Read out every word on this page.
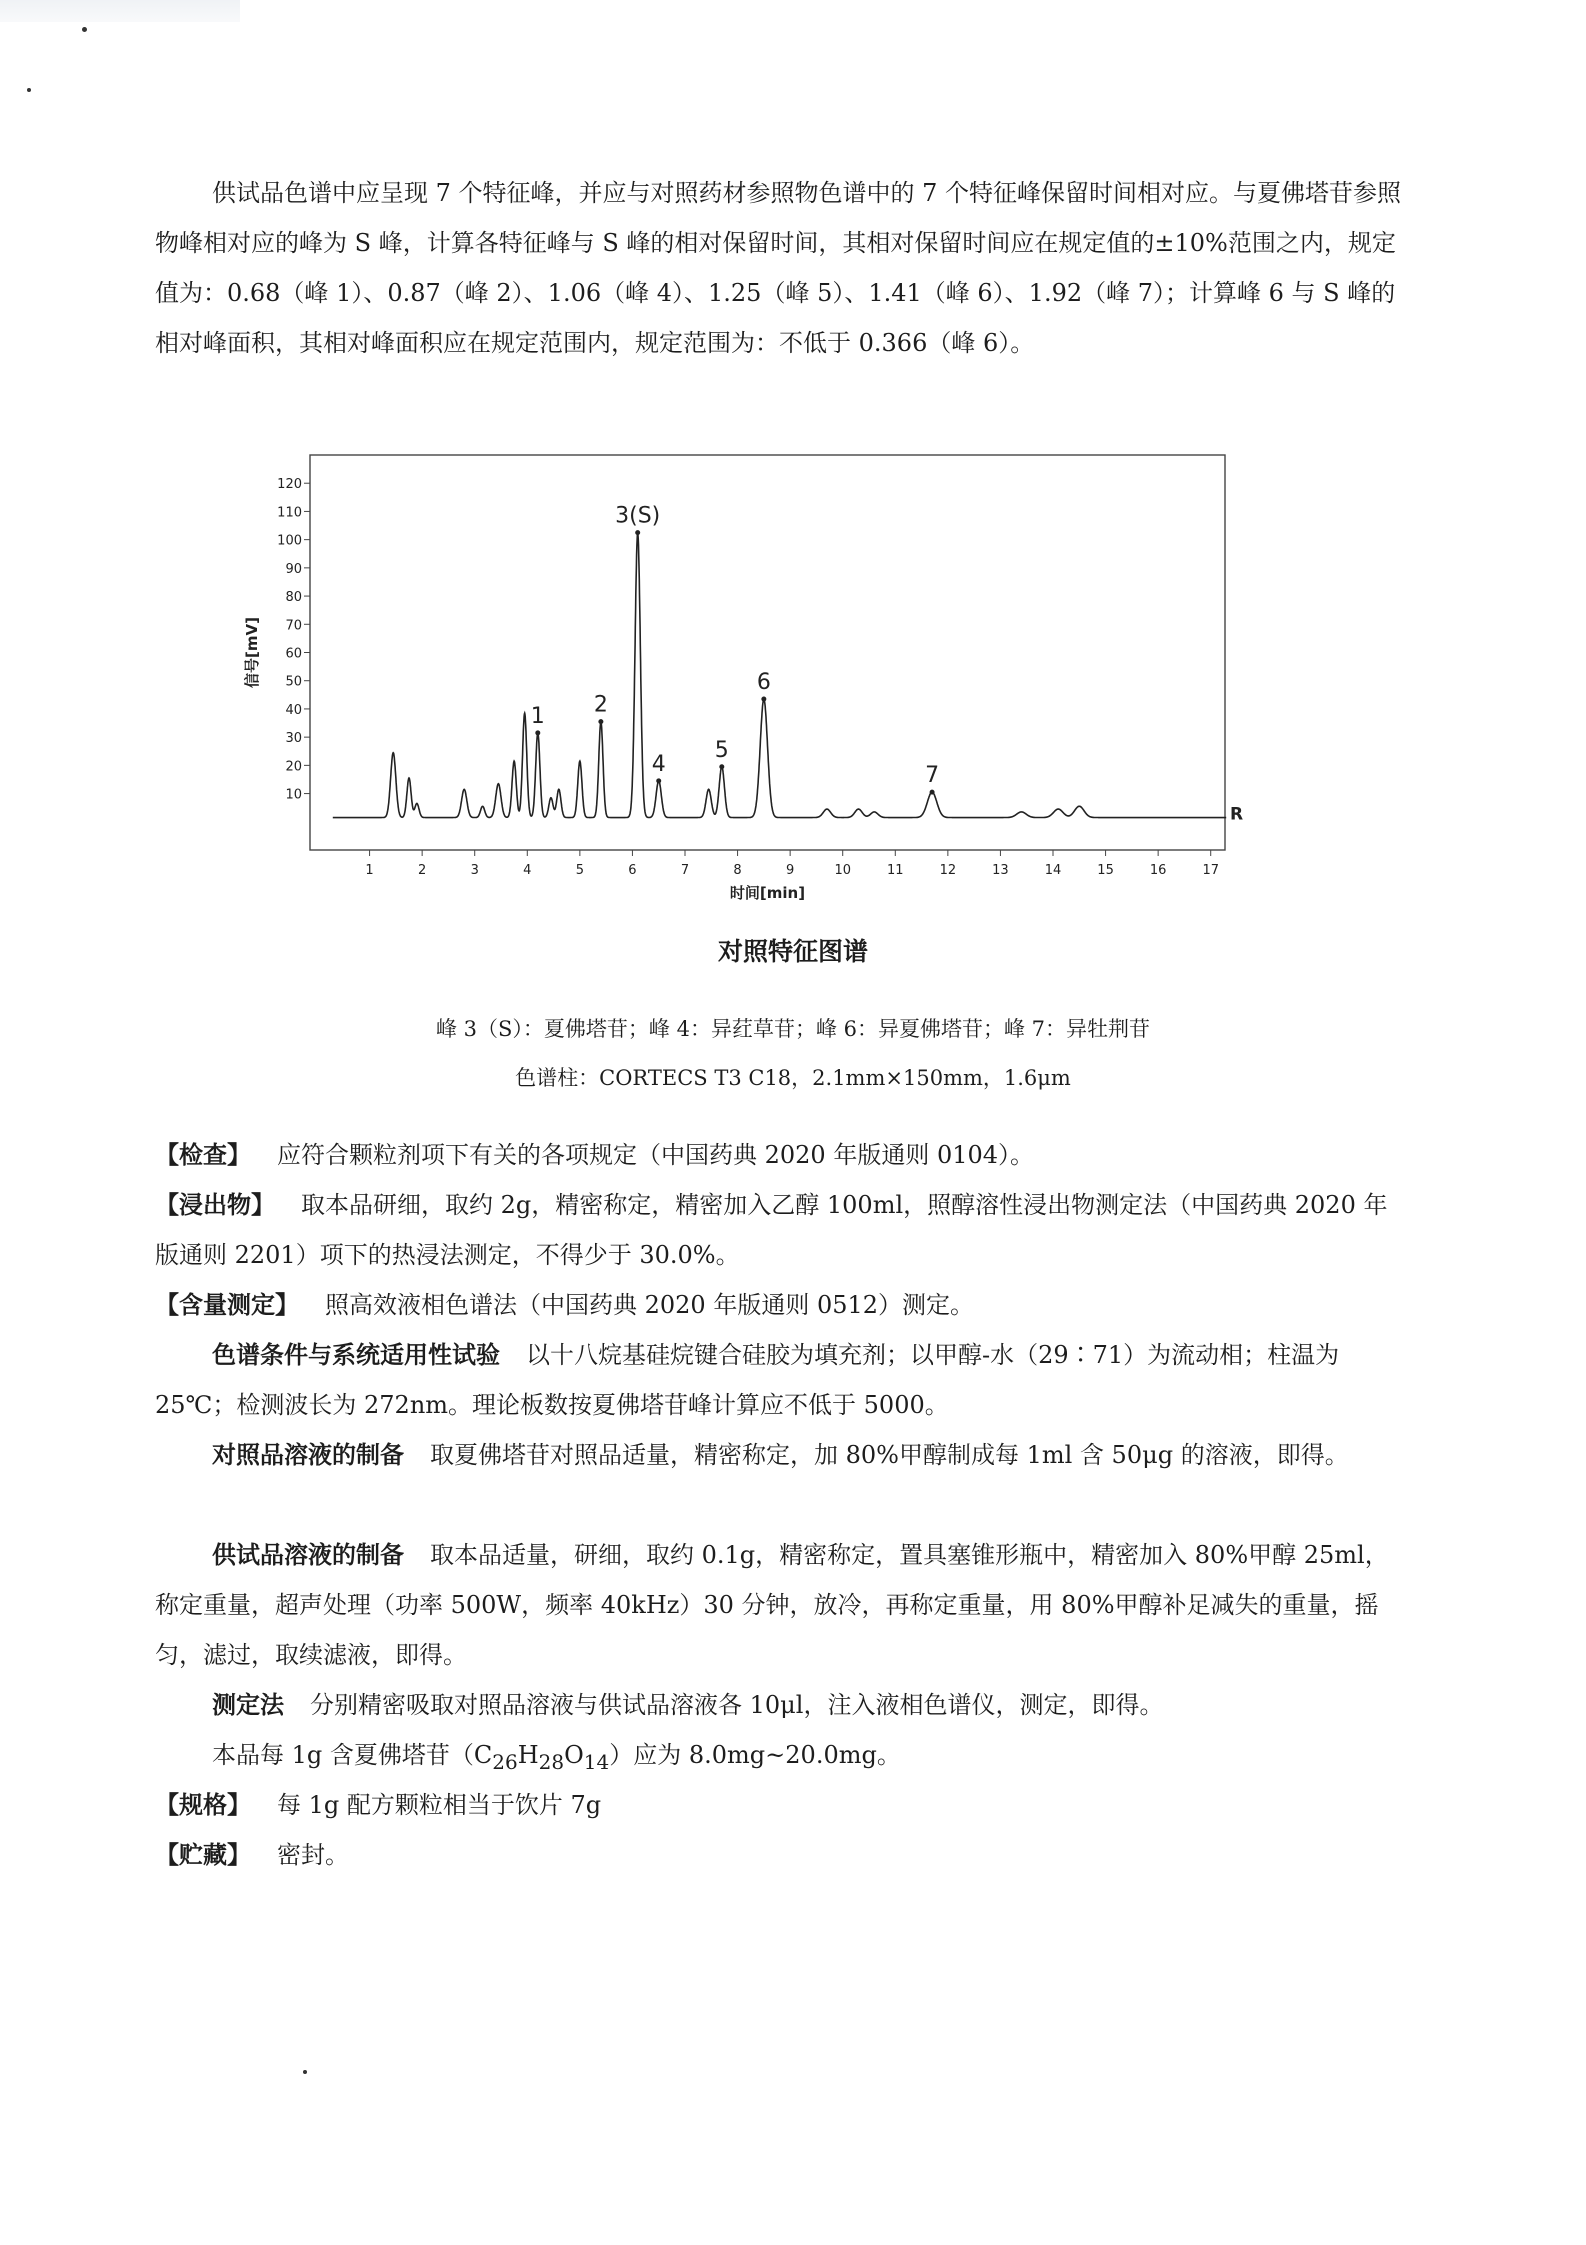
供试品色谱中应呈现 7 个特征峰，并应与对照药材参照物色谱中的 7 个特征峰保留时间相对应。与夏佛塔苷参照物峰相对应的峰为 S 峰，计算各特征峰与 S 峰的相对保留时间，其相对保留时间应在规定值的±10%范围之内，规定值为：0.68（峰 1）、0.87（峰 2）、1.06（峰 4）、1.25（峰 5）、1.41（峰 6）、1.92（峰 7）；计算峰 6 与 S 峰的相对峰面积，其相对峰面积应在规定范围内，规定范围为：不低于 0.366（峰 6）。

10
20
30
40
50
60
70
80
90
100
110
120
1	2	3	4	5	6	7	8	9	10	11	12	13	14	15	16	17
时间[min]
信号[mV]
1 2
3(S)
4
5
6
7
R
对照特征图谱
峰 3（S）：夏佛塔苷；峰 4：异荭草苷；峰 6：异夏佛塔苷；峰 7：异牡荆苷
色谱柱：CORTECS T3 C18，2.1mm×150mm，1.6μm
【检查】 应符合颗粒剂项下有关的各项规定（中国药典 2020 年版通则 0104）。
【浸出物】 取本品研细，取约 2g，精密称定，精密加入乙醇 100ml，照醇溶性浸出物测定法（中国药典 2020 年版通则 2201）项下的热浸法测定，不得少于 30.0%。
【含量测定】 照高效液相色谱法（中国药典 2020 年版通则 0512）测定。
色谱条件与系统适用性试验 以十八烷基硅烷键合硅胶为填充剂；以甲醇-水（29∶71）为流动相；柱温为 25℃；检测波长为 272nm。理论板数按夏佛塔苷峰计算应不低于 5000。
对照品溶液的制备 取夏佛塔苷对照品适量，精密称定，加 80%甲醇制成每 1ml 含 50μg 的溶液，即得。
供试品溶液的制备 取本品适量，研细，取约 0.1g，精密称定，置具塞锥形瓶中，精密加入 80%甲醇 25ml，称定重量，超声处理（功率 500W，频率 40kHz）30 分钟，放冷，再称定重量，用 80%甲醇补足减失的重量，摇匀，滤过，取续滤液，即得。
测定法 分别精密吸取对照品溶液与供试品溶液各 10μl，注入液相色谱仪，测定，即得。
本品每 1g 含夏佛塔苷$(C_{26}H_{28}O_{14})$应为 8.0mg~20.0mg。
【规格】 每 1g 配方颗粒相当于饮片 7g
【贮藏】 密封。
